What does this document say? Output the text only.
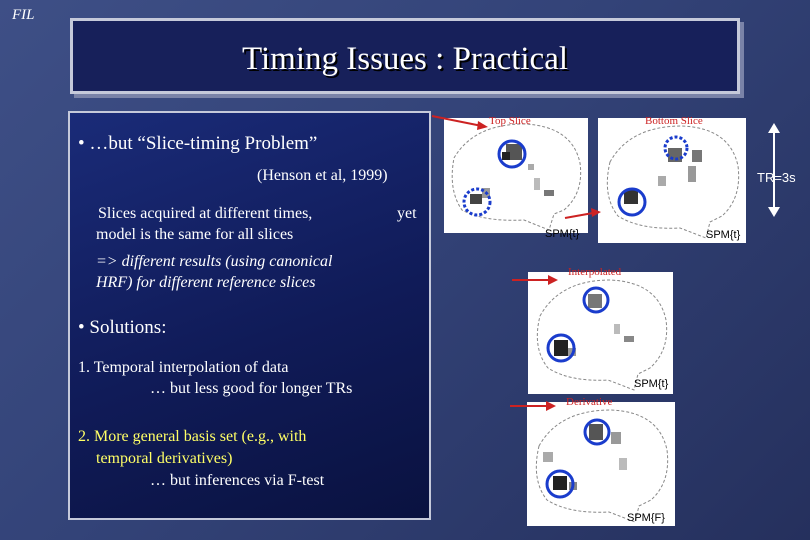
FIL
Timing Issues : Practical
• …but “Slice-timing Problem”
(Henson et al, 1999)
Slices acquired at different times,	yet
model is the same for all slices
=> different results (using canonical
HRF) for different reference slices
• Solutions:
1. Temporal interpolation of data
… but less good for longer TRs
2. More general basis set (e.g., with
temporal derivatives)
… but inferences via F-test
Top Slice
SPM{t}
Bottom Slice
SPM{t}
Interpolated
SPM{t}
Derivative
SPM{F}
TR=3s
